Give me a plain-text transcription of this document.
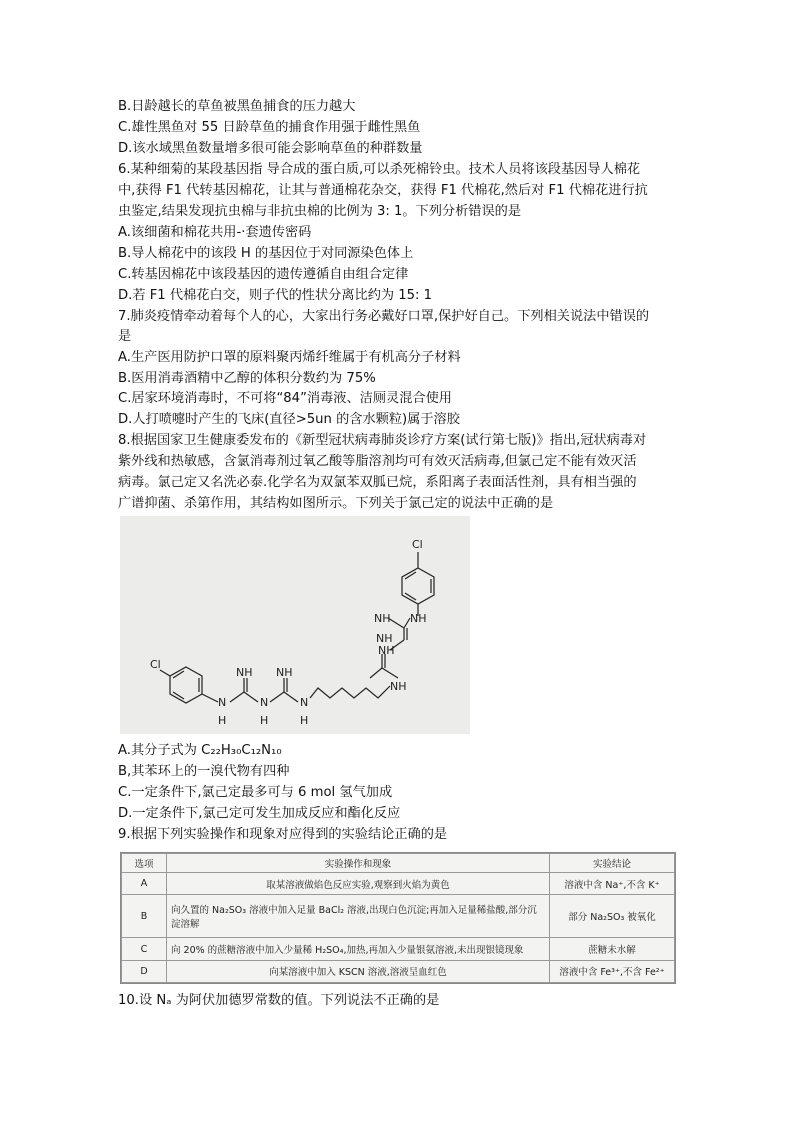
B.日龄越长的草鱼被黑鱼捕食的压力越大
C.雄性黑鱼对 55 日龄草鱼的捕食作用强于雌性黑鱼
D.该水域黑鱼数量增多很可能会影响草鱼的种群数量
6.某种细菊的某段基因指 导合成的蛋白质,可以杀死棉铃虫。技术人员将该段基因导人棉花
中,获得 F1 代转基因棉花，让其与普通棉花杂交，获得 F1 代棉花,然后对 F1 代棉花进行抗
虫鉴定,结果发现抗虫棉与非抗虫棉的比例为 3: 1。下列分析错误的是
A.该细菌和棉花共用-·套遗传密码
B.导人棉花中的该段 H 的基因位于对同源染色体上
C.转基因棉花中该段基因的遗传遵循自由组合定律
D.若 F1 代棉花白交，则子代的性状分离比约为 15: 1
7.肺炎疫情牵动着每个人的心，大家出行务必戴好口罩,保护好自己。下列相关说法中错误的
是
A.生产医用防护口罩的原料聚丙烯纤维属于有机高分子材料
B.医用消毒酒精中乙醇的体积分数约为 75%
C.居家环境消毒时，不可将“84”消毒液、洁厕灵混合使用
D.人打喷嚏时产生的飞床(直径>5un 的含水颗粒)属于溶胶
8.根据国家卫生健康委发布的《新型冠状病毒肺炎诊疗方案(试行第七版)》指出,冠状病毒对
紫外线和热敏感，含氯消毒剂过氧乙酸等脂溶剂均可有效灭活病毒,但氯己定不能有效灭活
病毒。氯己定又名洗必泰.化学名为双氯苯双胍已烷，系阳离子表面活性剂，具有相当强的
广谱抑菌、杀第作用，其结构如图所示。下列关于氯己定的说法中正确的是
Cl
NH NH
NH
NH
NH
Cl
NH NH
N	N	N
H	H	H
A.其分子式为 C₂₂H₃₀C₁₂N₁₀
B,其苯环上的一溴代物有四种
C.一定条件下,氯己定最多可与 6 mol 氢气加成
D.一定条件下,氯己定可发生加成反应和酯化反应
9.根据下列实验操作和现象对应得到的实验结论正确的是
选项	实验操作和现象	实验结论
A	取某溶液做焰色反应实验,观察到火焰为黄色	溶液中含 Na⁺,不含 K⁺
B	向久置的 Na₂SO₃ 溶液中加入足量 BaCl₂ 溶液,出现白色沉淀;再加入足量稀盐酸,部分沉淀溶解	部分 Na₂SO₃ 被氧化
C	向 20% 的蔗糖溶液中加入少量稀 H₂SO₄,加热,再加入少量银氨溶液,未出现银镜现象	蔗糖未水解
D	向某溶液中加入 KSCN 溶液,溶液呈血红色	溶液中含 Fe³⁺,不含 Fe²⁺
10.设 Nₐ 为阿伏加德罗常数的值。下列说法不正确的是
